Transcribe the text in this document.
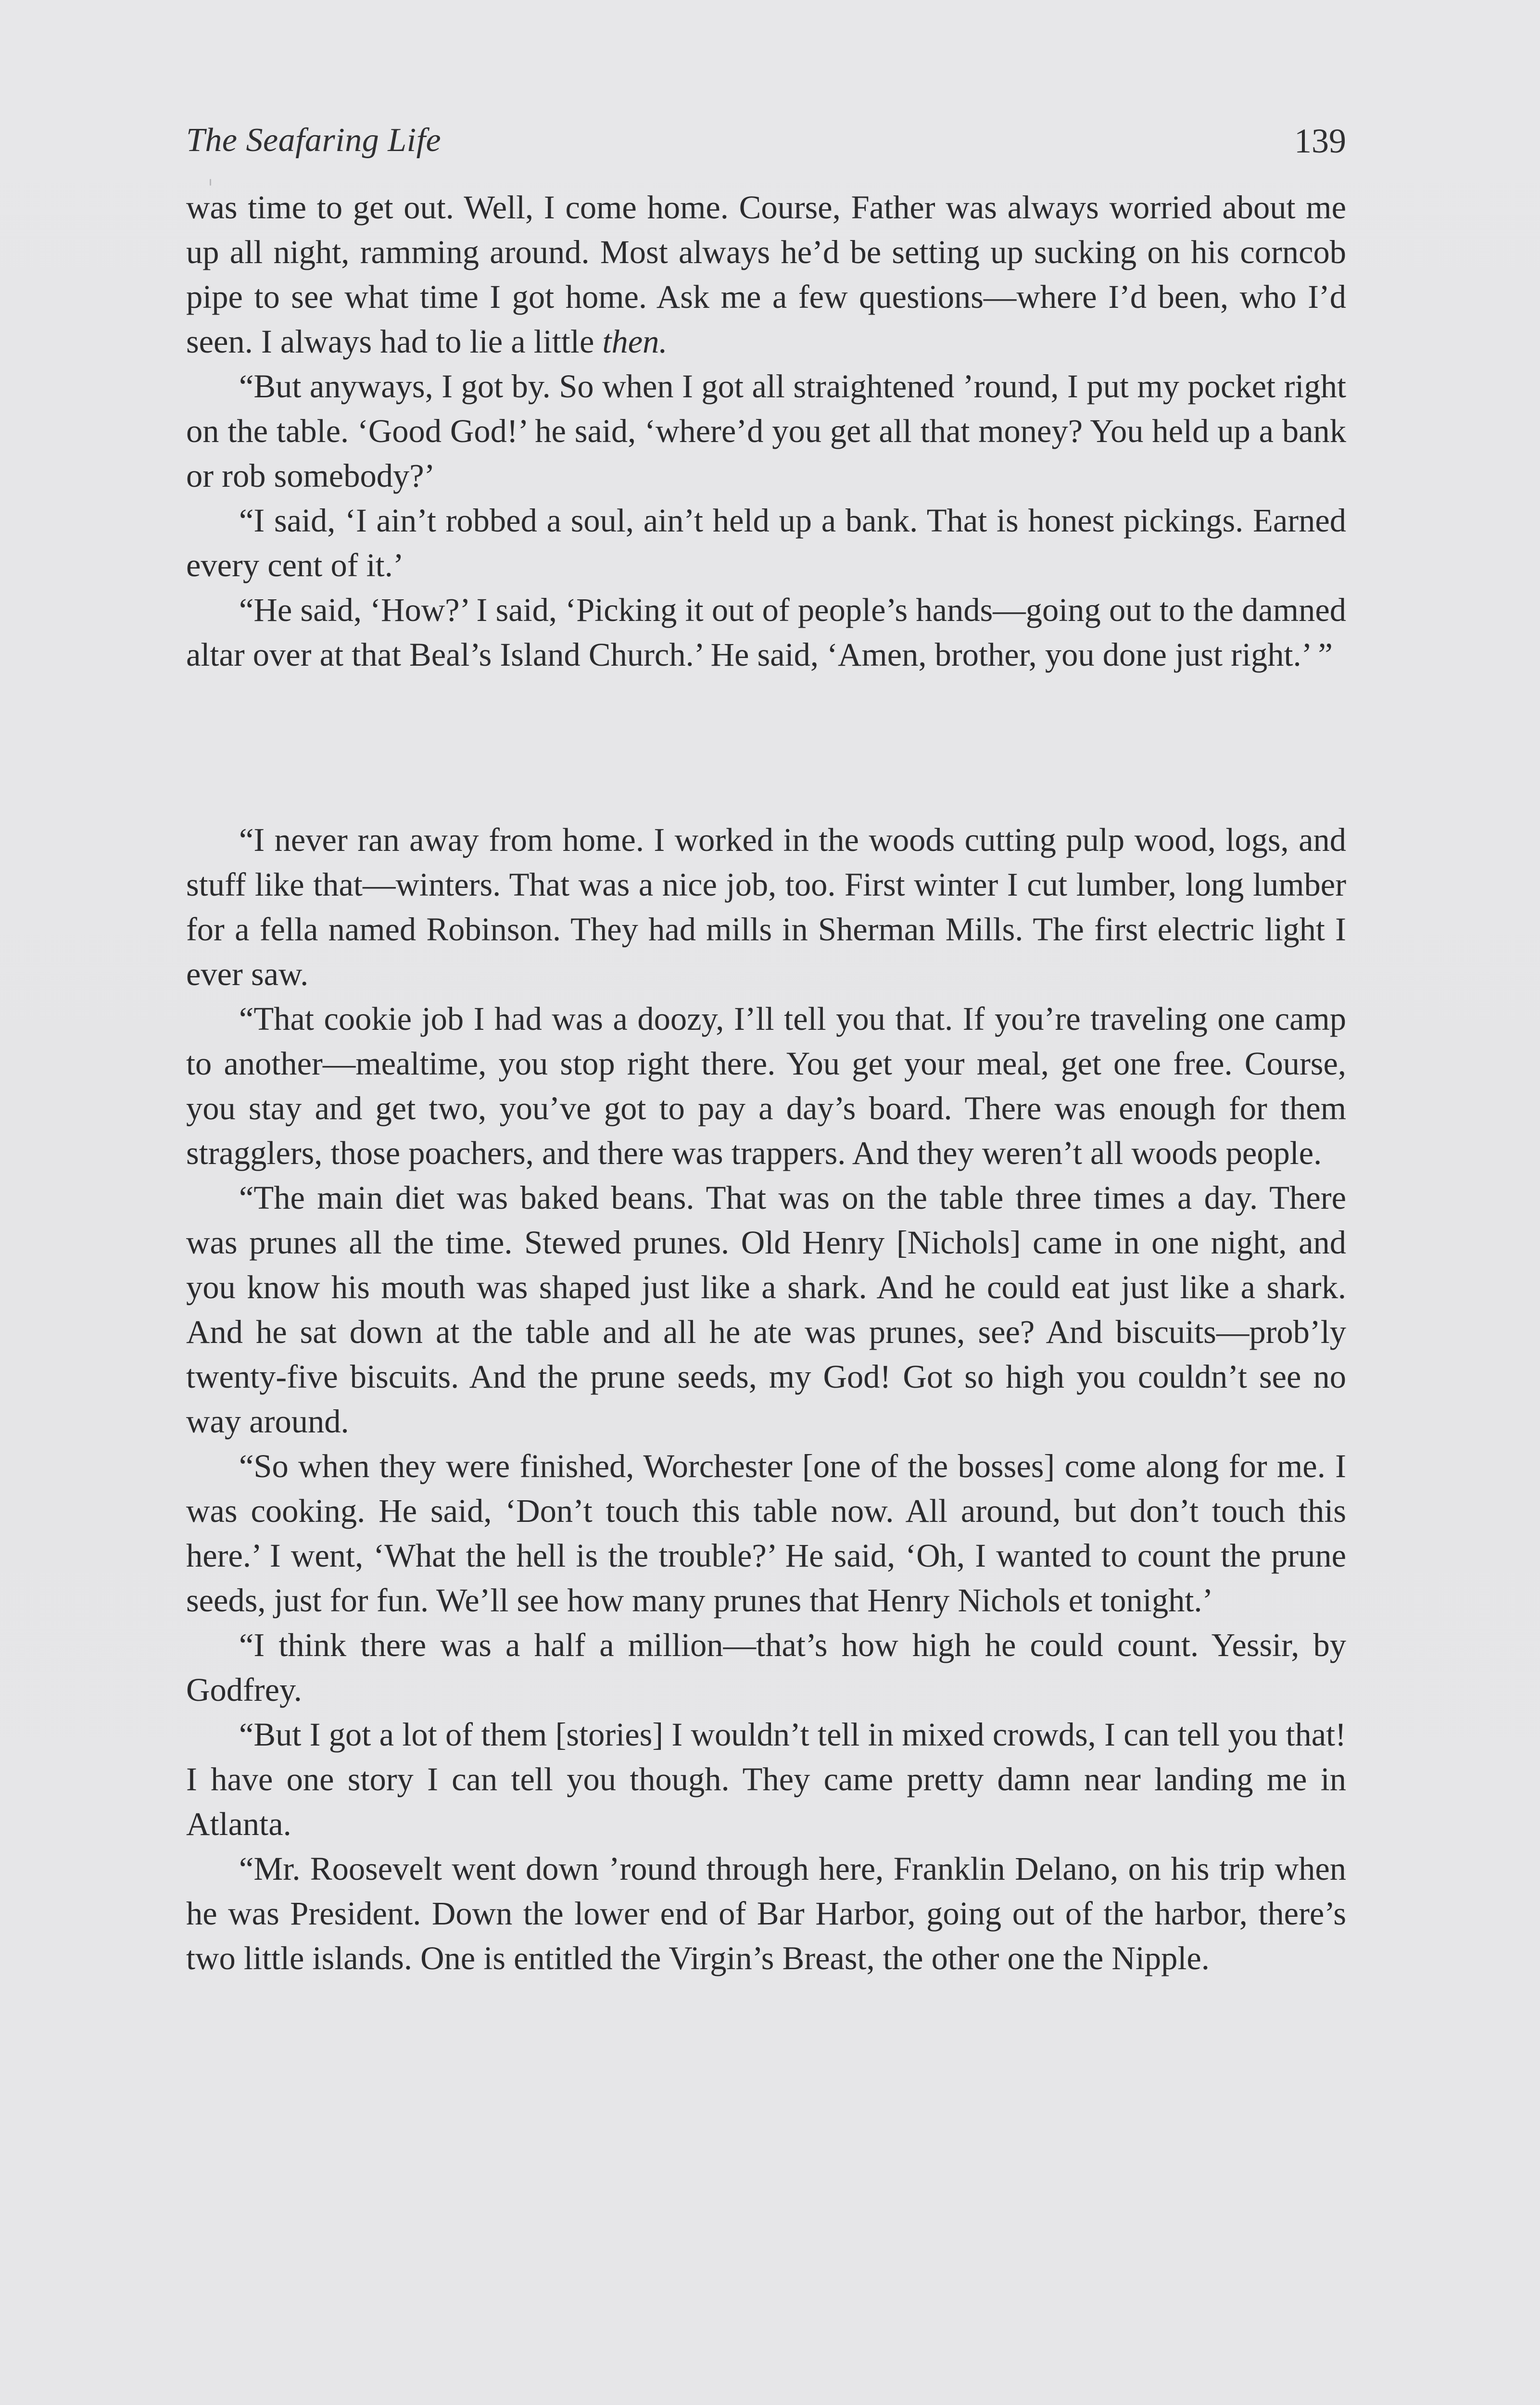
The Seafaring Life	139

was time to get out. Well, I come home. Course, Father was always worried about me up all night, ramming around. Most always he’d be setting up sucking on his corncob pipe to see what time I got home. Ask me a few questions—where I’d been, who I’d seen. I always had to lie a little then.

“But anyways, I got by. So when I got all straightened ’round, I put my pocket right on the table. ‘Good God!’ he said, ‘where’d you get all that money? You held up a bank or rob somebody?’

“I said, ‘I ain’t robbed a soul, ain’t held up a bank. That is honest pickings. Earned every cent of it.’

“He said, ‘How?’ I said, ‘Picking it out of people’s hands—going out to the damned altar over at that Beal’s Island Church.’ He said, ‘Amen, brother, you done just right.’ ”

“I never ran away from home. I worked in the woods cutting pulp wood, logs, and stuff like that—winters. That was a nice job, too. First winter I cut lumber, long lumber for a fella named Robinson. They had mills in Sherman Mills. The first electric light I ever saw.

“That cookie job I had was a doozy, I’ll tell you that. If you’re traveling one camp to another—mealtime, you stop right there. You get your meal, get one free. Course, you stay and get two, you’ve got to pay a day’s board. There was enough for them stragglers, those poachers, and there was trappers. And they weren’t all woods people.

“The main diet was baked beans. That was on the table three times a day. There was prunes all the time. Stewed prunes. Old Henry [Nichols] came in one night, and you know his mouth was shaped just like a shark. And he could eat just like a shark. And he sat down at the table and all he ate was prunes, see? And biscuits—prob’ly twenty-five biscuits. And the prune seeds, my God! Got so high you couldn’t see no way around.

“So when they were finished, Worchester [one of the bosses] come along for me. I was cooking. He said, ‘Don’t touch this table now. All around, but don’t touch this here.’ I went, ‘What the hell is the trouble?’ He said, ‘Oh, I wanted to count the prune seeds, just for fun. We’ll see how many prunes that Henry Nichols et tonight.’

“I think there was a half a million—that’s how high he could count. Yessir, by Godfrey.

“But I got a lot of them [stories] I wouldn’t tell in mixed crowds, I can tell you that! I have one story I can tell you though. They came pretty damn near landing me in Atlanta.

“Mr. Roosevelt went down ’round through here, Franklin Delano, on his trip when he was President. Down the lower end of Bar Harbor, going out of the harbor, there’s two little islands. One is entitled the Virgin’s Breast, the other one the Nipple.
